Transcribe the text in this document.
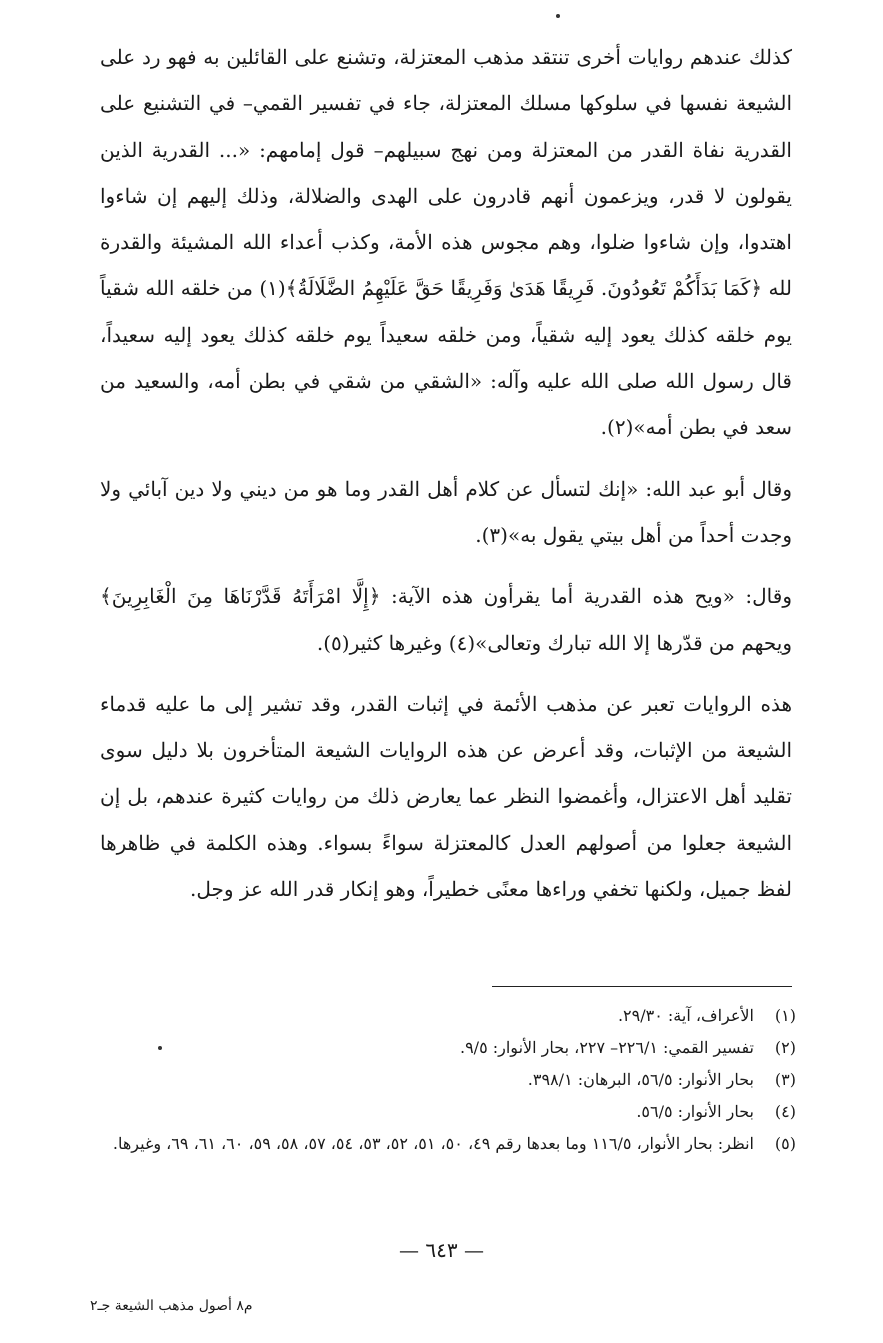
كذلك عندهم روايات أخرى تنتقد مذهب المعتزلة، وتشنع على القائلين به فهو رد على الشيعة نفسها في سلوكها مسلك المعتزلة، جاء في تفسير القمي– في التشنيع على القدرية نفاة القدر من المعتزلة ومن نهج سبيلهم– قول إمامهم: «... القدرية الذين يقولون لا قدر، ويزعمون أنهم قادرون على الهدى والضلالة، وذلك إليهم إن شاءوا اهتدوا، وإن شاءوا ضلوا، وهم مجوس هذه الأمة، وكذب أعداء الله المشيئة والقدرة لله ﴿كَمَا بَدَأَكُمْ تَعُودُونَ. فَرِيقًا هَدَىٰ وَفَرِيقًا حَقَّ عَلَيْهِمُ الضَّلَالَةُ﴾(١) من خلقه الله شقياً يوم خلقه كذلك يعود إليه شقياً، ومن خلقه سعيداً يوم خلقه كذلك يعود إليه سعيداً، قال رسول الله صلى الله عليه وآله: «الشقي من شقي في بطن أمه، والسعيد من سعد في بطن أمه»(٢).

وقال أبو عبد الله: «إنك لتسأل عن كلام أهل القدر وما هو من ديني ولا دين آبائي ولا وجدت أحداً من أهل بيتي يقول به»(٣).

وقال: «ويح هذه القدرية أما يقرأون هذه الآية: ﴿إِلَّا امْرَأَتَهُ قَدَّرْنَاهَا مِنَ الْغَابِرِينَ﴾ ويحهم من قدّرها إلا الله تبارك وتعالى»(٤) وغيرها كثير(٥).

هذه الروايات تعبر عن مذهب الأئمة في إثبات القدر، وقد تشير إلى ما عليه قدماء الشيعة من الإثبات، وقد أعرض عن هذه الروايات الشيعة المتأخرون بلا دليل سوى تقليد أهل الاعتزال، وأغمضوا النظر عما يعارض ذلك من روايات كثيرة عندهم، بل إن الشيعة جعلوا من أصولهم العدل كالمعتزلة سواءً بسواء. وهذه الكلمة في ظاهرها لفظ جميل، ولكنها تخفي وراءها معنًى خطيراً، وهو إنكار قدر الله عز وجل.

(١)
الأعراف، آية: ٢٩/٣٠.
(٢)
تفسير القمي: ٢٢٦/١– ٢٢٧، بحار الأنوار: ٩/٥.
(٣)
بحار الأنوار: ٥٦/٥، البرهان: ٣٩٨/١.
(٤)
بحار الأنوار: ٥٦/٥.
(٥)
انظر: بحار الأنوار، ١١٦/٥ وما بعدها رقم ٤٩، ٥٠، ٥١، ٥٢، ٥٣، ٥٤، ٥٧، ٥٨، ٥٩، ٦٠، ٦١، ٦٩، وغيرها.
— ٦٤٣ —
م٨ أصول مذهب الشيعة جـ٢
